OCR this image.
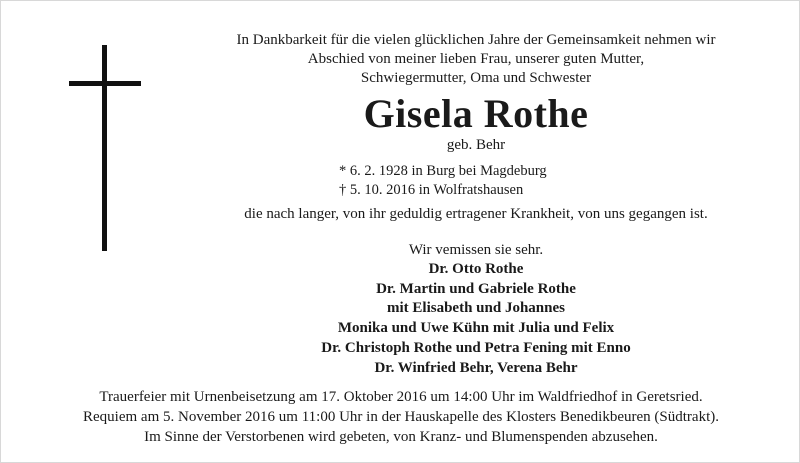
In Dankbarkeit für die vielen glücklichen Jahre der Gemeinsamkeit nehmen wir
Abschied von meiner lieben Frau, unserer guten Mutter,
Schwiegermutter, Oma und Schwester
Gisela Rothe
geb. Behr
* 6. 2. 1928 in Burg bei Magdeburg
† 5. 10. 2016 in Wolfratshausen
die nach langer, von ihr geduldig ertragener Krankheit, von uns gegangen ist.
Wir vemissen sie sehr.
Dr. Otto Rothe
Dr. Martin und Gabriele Rothe
mit Elisabeth und Johannes
Monika und Uwe Kühn mit Julia und Felix
Dr. Christoph Rothe und Petra Fening mit Enno
Dr. Winfried Behr, Verena Behr
Trauerfeier mit Urnenbeisetzung am 17. Oktober 2016 um 14:00 Uhr im Waldfriedhof in Geretsried.
Requiem am 5. November 2016 um 11:00 Uhr in der Hauskapelle des Klosters Benedikbeuren (Südtrakt).
Im Sinne der Verstorbenen wird gebeten, von Kranz- und Blumenspenden abzusehen.
